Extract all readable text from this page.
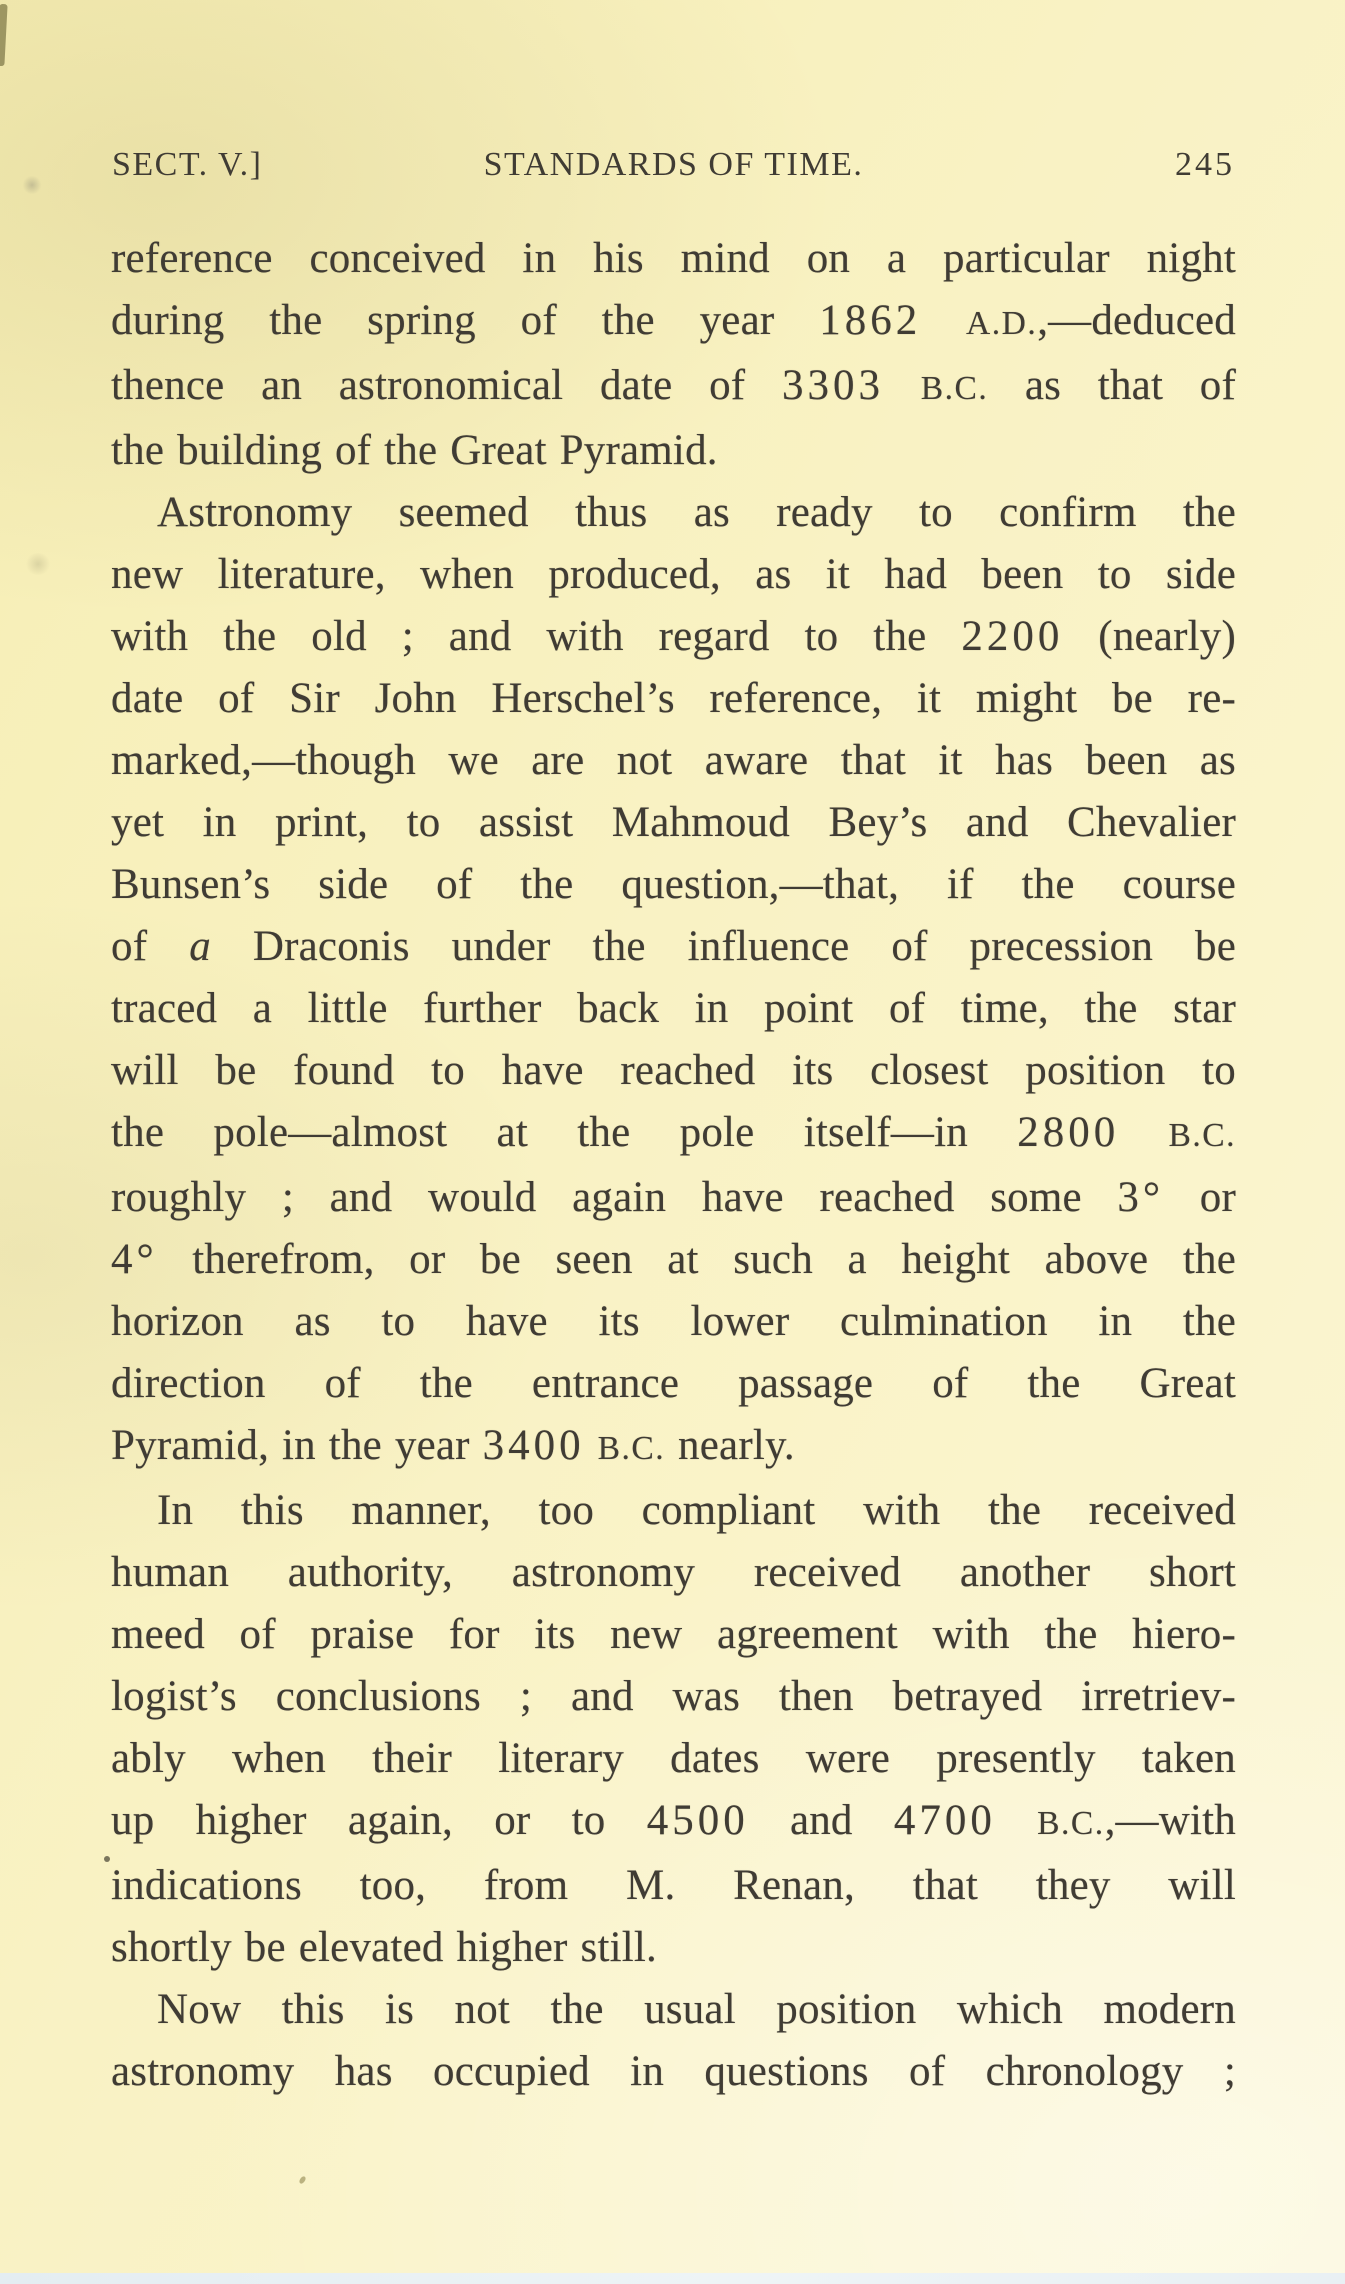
SECT. V.]	STANDARDS OF TIME.	245
reference conceived in his mind on a particular night
during the spring of the year 1862 A.D.,—deduced
thence an astronomical date of 3303 B.C. as that of
the building of the Great Pyramid.
Astronomy seemed thus as ready to confirm the
new literature, when produced, as it had been to side
with the old ; and with regard to the 2200 (nearly)
date of Sir John Herschel’s reference, it might be re-
marked,—though we are not aware that it has been as
yet in print, to assist Mahmoud Bey’s and Chevalier
Bunsen’s side of the question,—that, if the course
of a Draconis under the influence of precession be
traced a little further back in point of time, the star
will be found to have reached its closest position to
the pole—almost at the pole itself—in 2800 B.C.
roughly ; and would again have reached some 3° or
4° therefrom, or be seen at such a height above the
horizon as to have its lower culmination in the
direction of the entrance passage of the Great
Pyramid, in the year 3400 B.C. nearly.
In this manner, too compliant with the received
human authority, astronomy received another short
meed of praise for its new agreement with the hiero-
logist’s conclusions ; and was then betrayed irretriev-
ably when their literary dates were presently taken
up higher again, or to 4500 and 4700 B.C.,—with
indications too, from M. Renan, that they will
shortly be elevated higher still.
Now this is not the usual position which modern
astronomy has occupied in questions of chronology ;
